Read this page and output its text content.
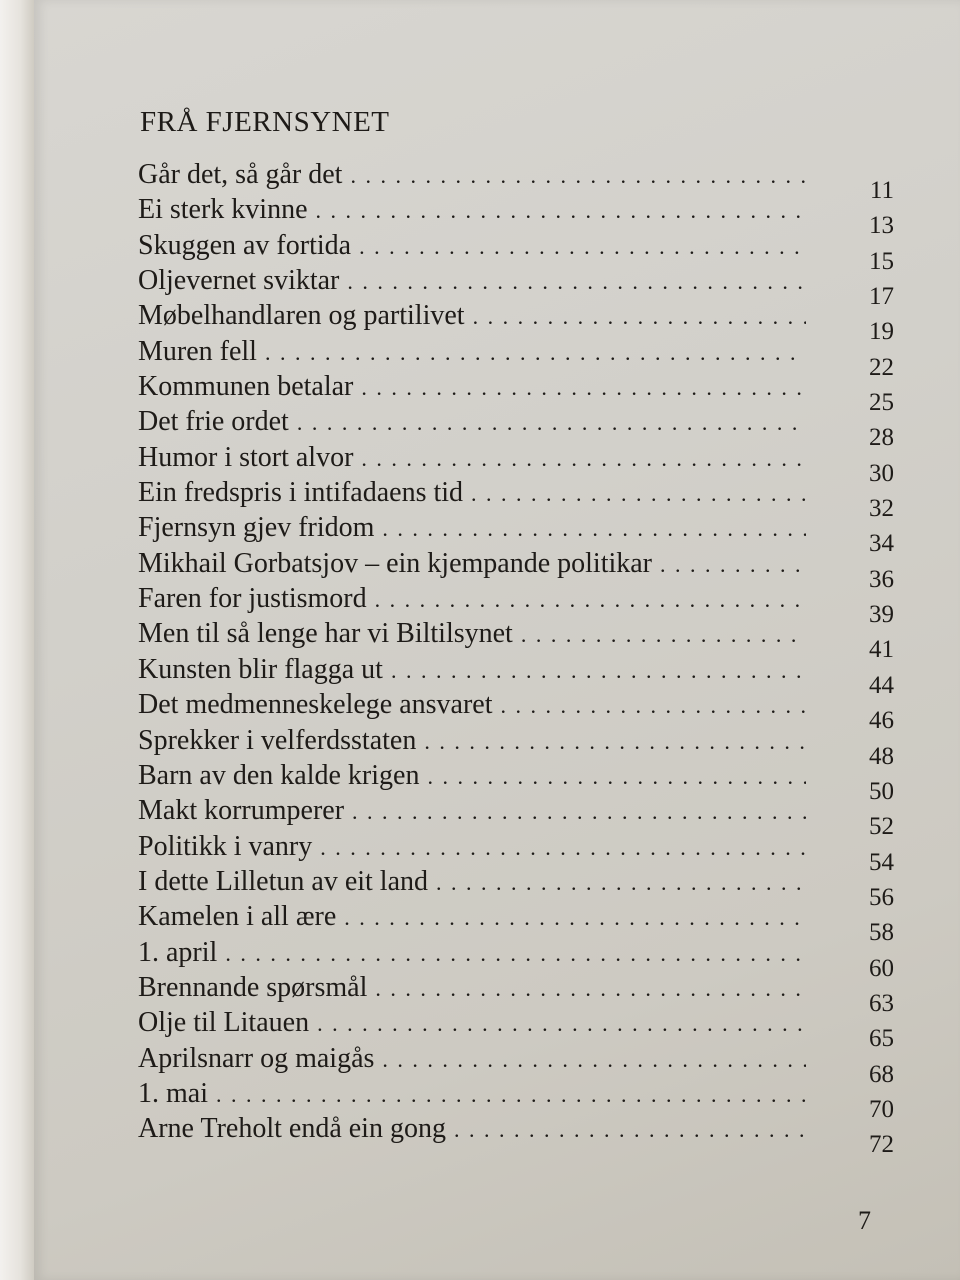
FRÅ FJERNSYNET
Går det, så går det
. . .
11
Ei sterk kvinne
. . .
13
Skuggen av fortida
. . .
15
Oljevernet sviktar
. . .
17
Møbelhandlaren og partilivet
. . .
19
Muren fell
. . .
22
Kommunen betalar
. . .
25
Det frie ordet
. . .
28
Humor i stort alvor
. . .
30
Ein fredspris i intifadaens tid
. . .
32
Fjernsyn gjev fridom
. . .
34
Mikhail Gorbatsjov – ein kjempande politikar
. . .
36
Faren for justismord
. . .
39
Men til så lenge har vi Biltilsynet
. . .
41
Kunsten blir flagga ut
. . .
44
Det medmenneskelege ansvaret
. . .
46
Sprekker i velferdsstaten
. . .
48
Barn av den kalde krigen
. . .
50
Makt korrumperer
. . .
52
Politikk i vanry
. . .
54
I dette Lilletun av eit land
. . .
56
Kamelen i all ære
. . .
58
1. april
. . .
60
Brennande spørsmål
. . .
63
Olje til Litauen
. . .
65
Aprilsnarr og maigås
. . .
68
1. mai
. . .
70
Arne Treholt endå ein gong
. . .
72
7
